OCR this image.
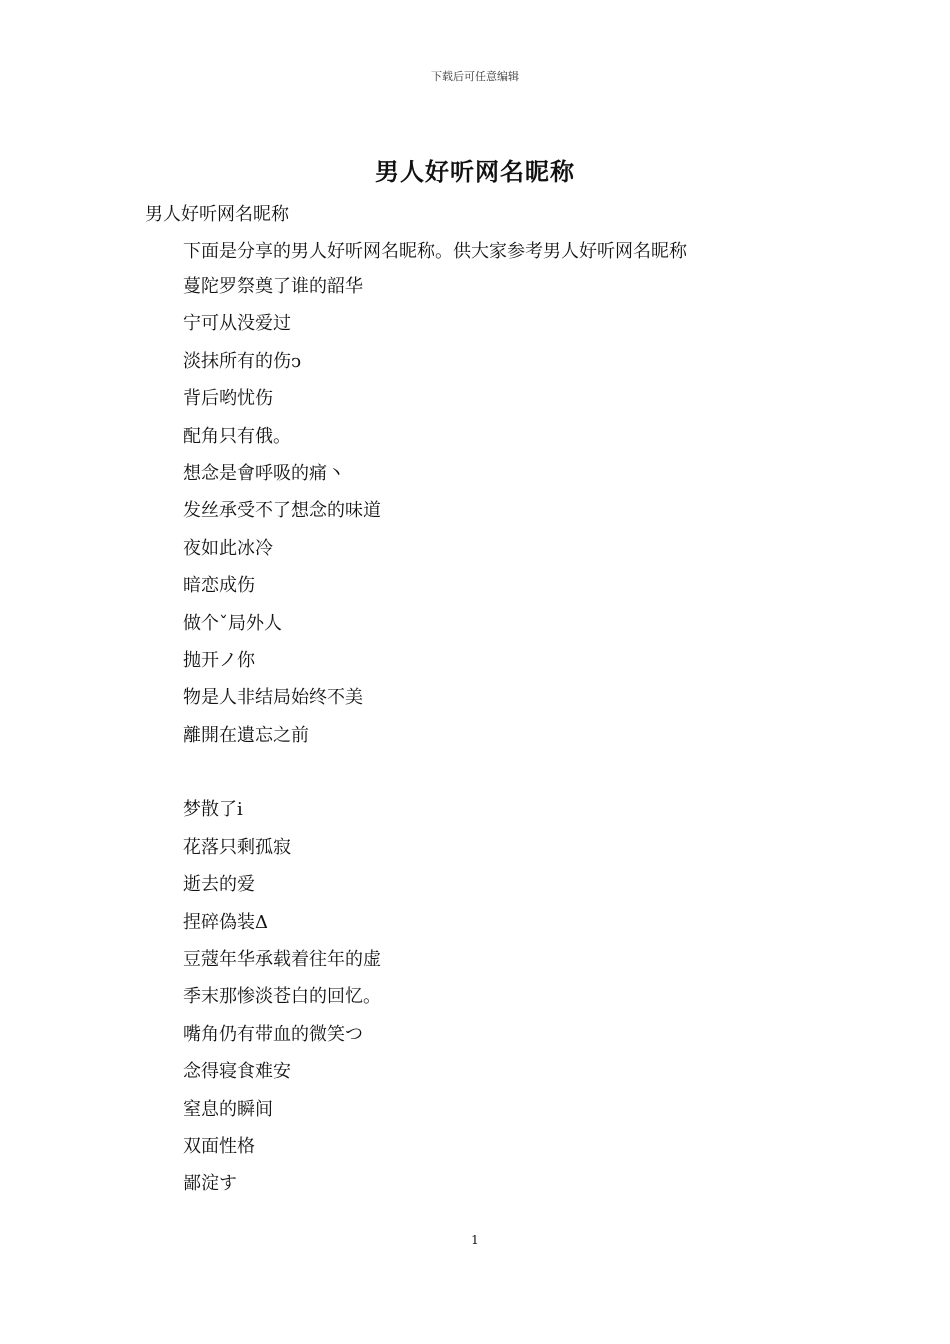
下载后可任意编辑
男人好听网名昵称
男人好听网名昵称
下面是分享的男人好听网名昵称。供大家参考男人好听网名昵称
蔓陀罗祭奠了谁的韶华
宁可从没爱过
淡抹所有的伤ↄ
背后哟忧伤
配角只有俄。
想念是會呼吸的痛丶
发丝承受不了想念的味道
夜如此冰冷
暗恋成伤
做个ˇ局外人
抛开ノ你
物是人非结局始终不美
離開在遺忘之前
梦散了ⅰ
花落只剩孤寂
逝去的爱
捏碎偽装Δ
豆蔻年华承载着往年的虚
季末那惨淡苍白的回忆。
嘴角仍有带血的微笑つ
念得寝食难安
窒息的瞬间
双面性格
鄙淀す
1
